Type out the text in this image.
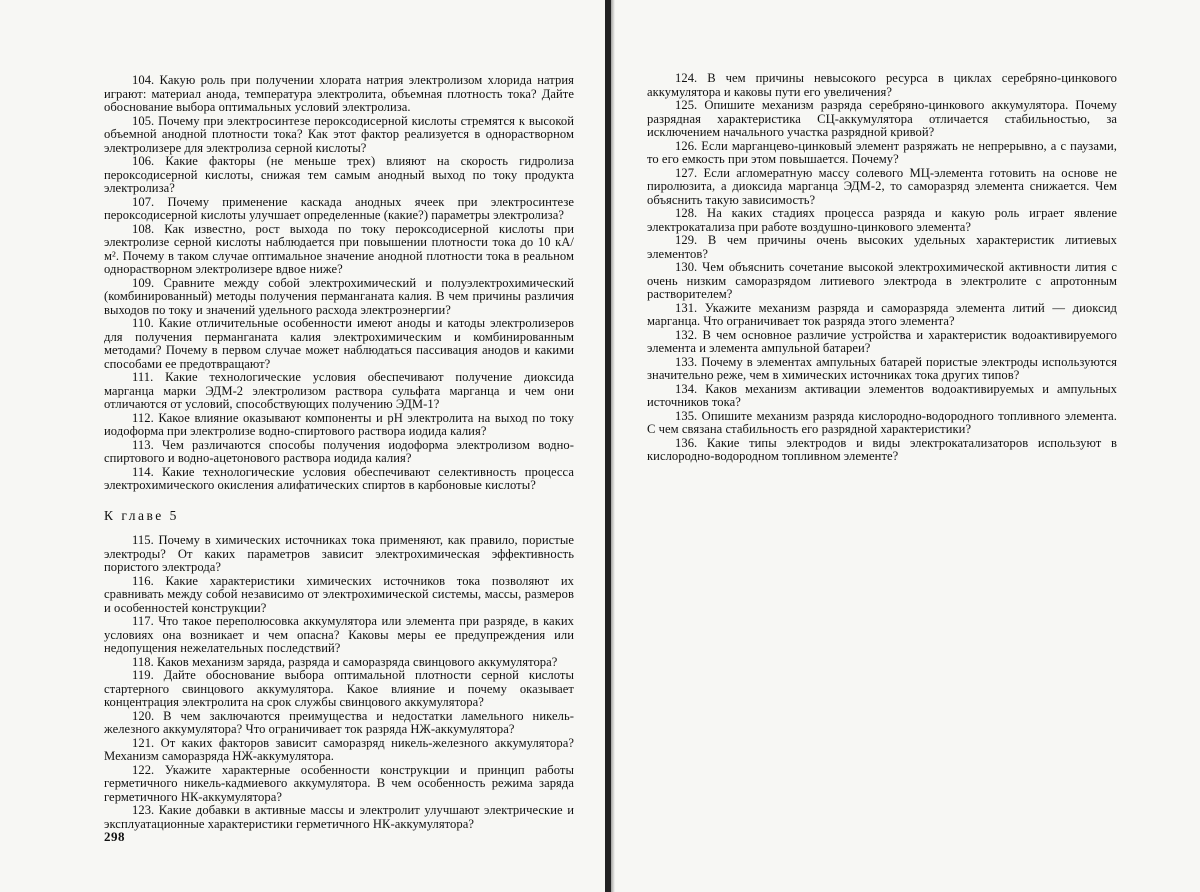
104. Какую роль при получении хлората натрия электролизом хлорида натрия играют: материал анода, температура электролита, объемная плотность тока? Дайте обоснование выбора оптимальных условий электролиза.

105. Почему при электросинтезе пероксодисерной кислоты стремятся к высокой объемной анодной плотности тока? Как этот фактор реализуется в однорастворном электролизере для электролиза серной кислоты?

106. Какие факторы (не меньше трех) влияют на скорость гидролиза пероксодисерной кислоты, снижая тем самым анодный выход по току продукта электролиза?

107. Почему применение каскада анодных ячеек при электросинтезе пероксодисерной кислоты улучшает определенные (какие?) параметры электролиза?

108. Как известно, рост выхода по току пероксодисерной кислоты при электролизе серной кислоты наблюдается при повышении плотности тока до 10 кА/м². Почему в таком случае оптимальное значение анодной плотности тока в реальном однорастворном электролизере вдвое ниже?

109. Сравните между собой электрохимический и полуэлектрохимический (комбинированный) методы получения перманганата калия. В чем причины различия выходов по току и значений удельного расхода электроэнергии?

110. Какие отличительные особенности имеют аноды и катоды электролизеров для получения перманганата калия электрохимическим и комбинированным методами? Почему в первом случае может наблюдаться пассивация анодов и какими способами ее предотвращают?

111. Какие технологические условия обеспечивают получение диоксида марганца марки ЭДМ-2 электролизом раствора сульфата марганца и чем они отличаются от условий, способствующих получению ЭДМ-1?

112. Какое влияние оказывают компоненты и pH электролита на выход по току иодоформа при электролизе водно-спиртового раствора иодида калия?

113. Чем различаются способы получения иодоформа электролизом водно-спиртового и водно-ацетонового раствора иодида калия?

114. Какие технологические условия обеспечивают селективность процесса электрохимического окисления алифатических спиртов в карбоновые кислоты?

К главе 5

115. Почему в химических источниках тока применяют, как правило, пористые электроды? От каких параметров зависит электрохимическая эффективность пористого электрода?

116. Какие характеристики химических источников тока позволяют их сравнивать между собой независимо от электрохимической системы, массы, размеров и особенностей конструкции?

117. Что такое переполюсовка аккумулятора или элемента при разряде, в каких условиях она возникает и чем опасна? Каковы меры ее предупреждения или недопущения нежелательных последствий?

118. Каков механизм заряда, разряда и саморазряда свинцового аккумулятора?

119. Дайте обоснование выбора оптимальной плотности серной кислоты стартерного свинцового аккумулятора. Какое влияние и почему оказывает концентрация электролита на срок службы свинцового аккумулятора?

120. В чем заключаются преимущества и недостатки ламельного никель-железного аккумулятора? Что ограничивает ток разряда НЖ-аккумулятора?

121. От каких факторов зависит саморазряд никель-железного аккумулятора? Механизм саморазряда НЖ-аккумулятора.

122. Укажите характерные особенности конструкции и принцип работы герметичного никель-кадмиевого аккумулятора. В чем особенность режима заряда герметичного НК-аккумулятора?

123. Какие добавки в активные массы и электролит улучшают электрические и эксплуатационные характеристики герметичного НК-аккумулятора?

298

124. В чем причины невысокого ресурса в циклах серебряно-цинкового аккумулятора и каковы пути его увеличения?

125. Опишите механизм разряда серебряно-цинкового аккумулятора. Почему разрядная характеристика СЦ-аккумулятора отличается стабильностью, за исключением начального участка разрядной кривой?

126. Если марганцево-цинковый элемент разряжать не непрерывно, а с паузами, то его емкость при этом повышается. Почему?

127. Если агломератную массу солевого МЦ-элемента готовить на основе не пиролюзита, а диоксида марганца ЭДМ-2, то саморазряд элемента снижается. Чем объяснить такую зависимость?

128. На каких стадиях процесса разряда и какую роль играет явление электрокатализа при работе воздушно-цинкового элемента?

129. В чем причины очень высоких удельных характеристик литиевых элементов?

130. Чем объяснить сочетание высокой электрохимической активности лития с очень низким саморазрядом литиевого электрода в электролите с апротонным растворителем?

131. Укажите механизм разряда и саморазряда элемента литий — диоксид марганца. Что ограничивает ток разряда этого элемента?

132. В чем основное различие устройства и характеристик водоактивируемого элемента и элемента ампульной батареи?

133. Почему в элементах ампульных батарей пористые электроды используются значительно реже, чем в химических источниках тока других типов?

134. Каков механизм активации элементов водоактивируемых и ампульных источников тока?

135. Опишите механизм разряда кислородно-водородного топливного элемента. С чем связана стабильность его разрядной характеристики?

136. Какие типы электродов и виды электрокатализаторов используют в кислородно-водородном топливном элементе?
